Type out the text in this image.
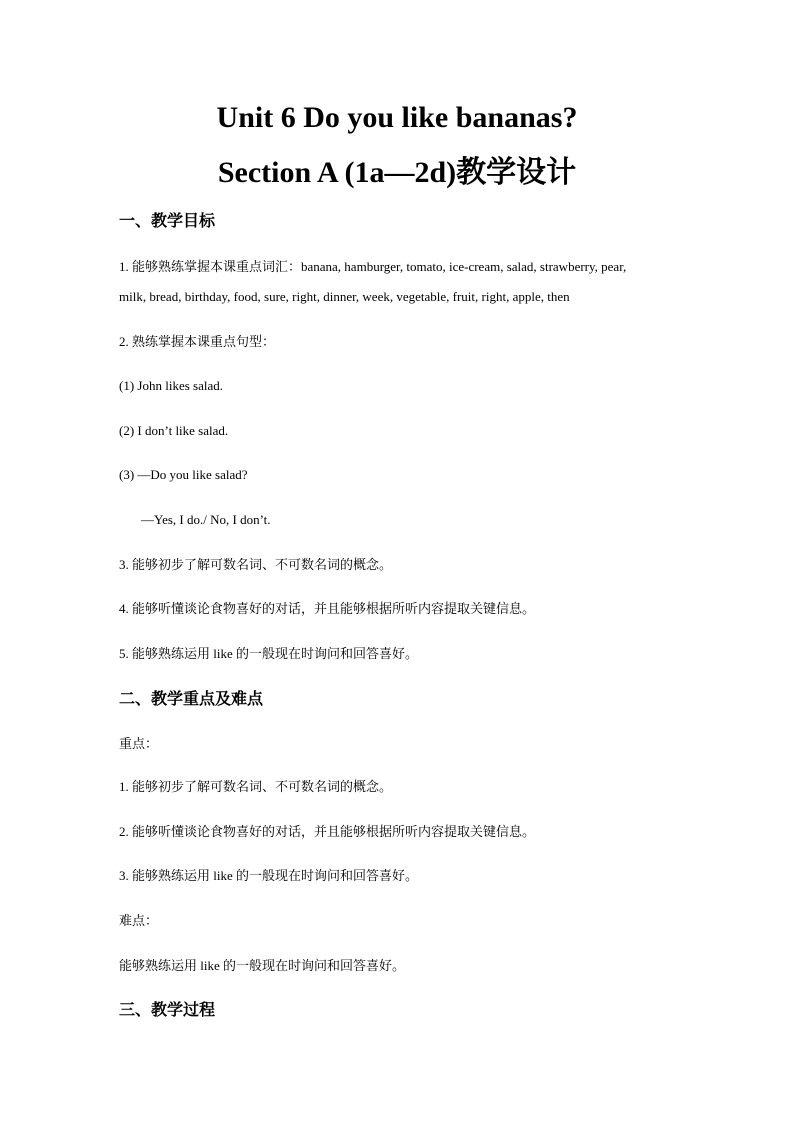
Unit 6 Do you like bananas?
Section A (1a—2d)教学设计
一、教学目标
1. 能够熟练掌握本课重点词汇：banana, hamburger, tomato, ice-cream, salad, strawberry, pear,
milk, bread, birthday, food, sure, right, dinner, week, vegetable, fruit, right, apple, then
2. 熟练掌握本课重点句型：
(1) John likes salad.
(2) I don’t like salad.
(3) —Do you like salad?
—Yes, I do./ No, I don’t.
3. 能够初步了解可数名词、不可数名词的概念。
4. 能够听懂谈论食物喜好的对话，并且能够根据所听内容提取关键信息。
5. 能够熟练运用 like 的一般现在时询问和回答喜好。
二、教学重点及难点
重点：
1. 能够初步了解可数名词、不可数名词的概念。
2. 能够听懂谈论食物喜好的对话，并且能够根据所听内容提取关键信息。
3. 能够熟练运用 like 的一般现在时询问和回答喜好。
难点：
能够熟练运用 like 的一般现在时询问和回答喜好。
三、教学过程
